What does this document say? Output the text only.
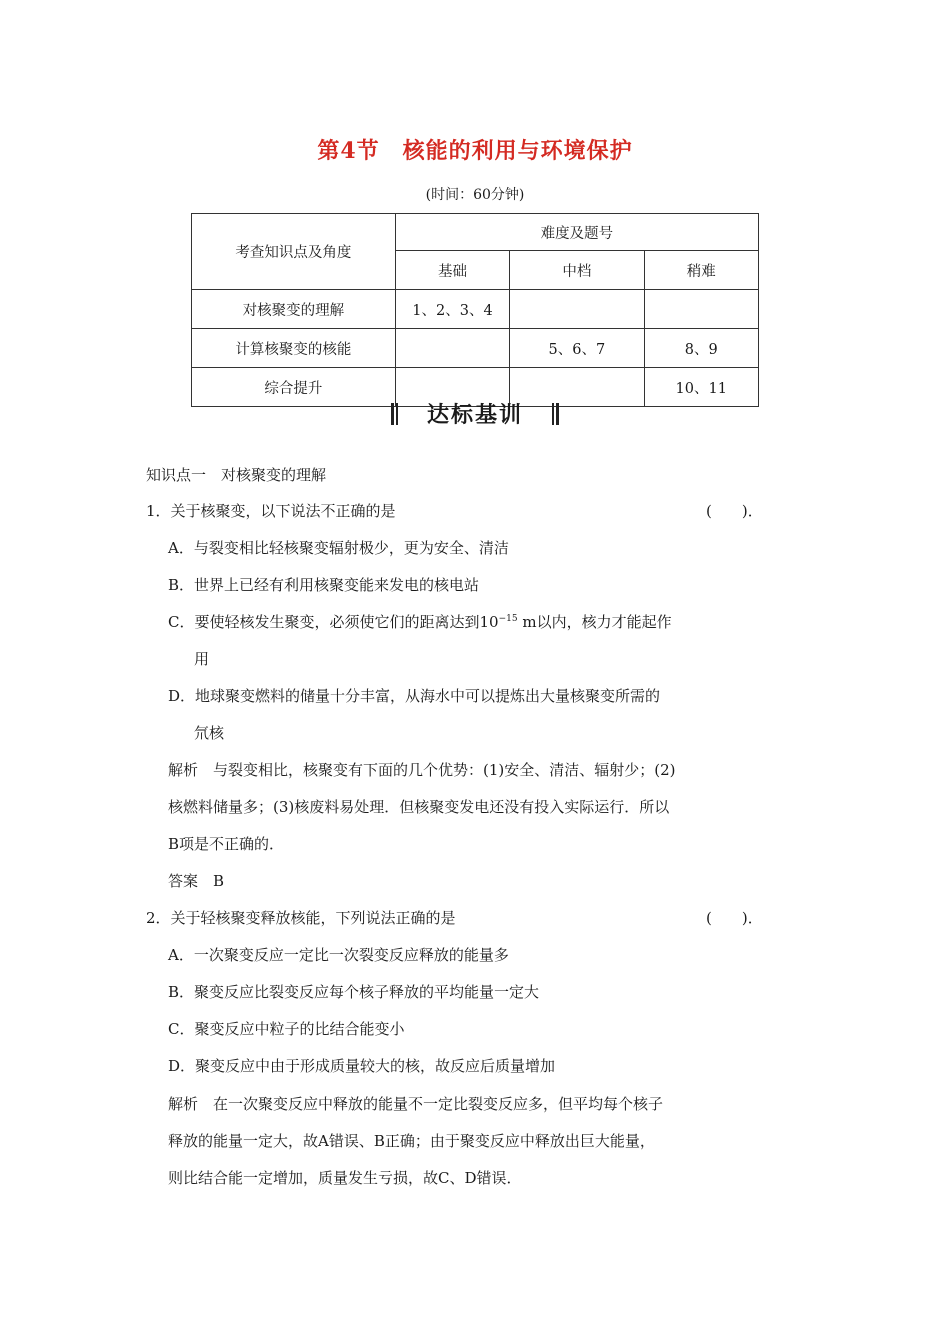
第4节　核能的利用与环境保护
(时间：60分钟)
考查知识点及角度	难度及题号		
	基础	中档	稍难
对核聚变的理解	1、2、3、4		
计算核聚变的核能		5、6、7	8、9
综合提升			10、11
达标基训
知识点一　对核聚变的理解
1．关于核聚变，以下说法不正确的是	(　　)．
A．与裂变相比轻核聚变辐射极少，更为安全、清洁
B．世界上已经有利用核聚变能来发电的核电站
C．要使轻核发生聚变，必须使它们的距离达到$10^{-15}$ m以内，核力才能起作
用
D．地球聚变燃料的储量十分丰富，从海水中可以提炼出大量核聚变所需的
氘核
解析　与裂变相比，核聚变有下面的几个优势：(1)安全、清洁、辐射少；(2)
核燃料储量多；(3)核废料易处理．但核聚变发电还没有投入实际运行．所以
B项是不正确的．
答案　B
2．关于轻核聚变释放核能，下列说法正确的是	(　　)．
A．一次聚变反应一定比一次裂变反应释放的能量多
B．聚变反应比裂变反应每个核子释放的平均能量一定大
C．聚变反应中粒子的比结合能变小
D．聚变反应中由于形成质量较大的核，故反应后质量增加
解析　在一次聚变反应中释放的能量不一定比裂变反应多，但平均每个核子
释放的能量一定大，故A错误、B正确；由于聚变反应中释放出巨大能量，
则比结合能一定增加，质量发生亏损，故C、D错误．
